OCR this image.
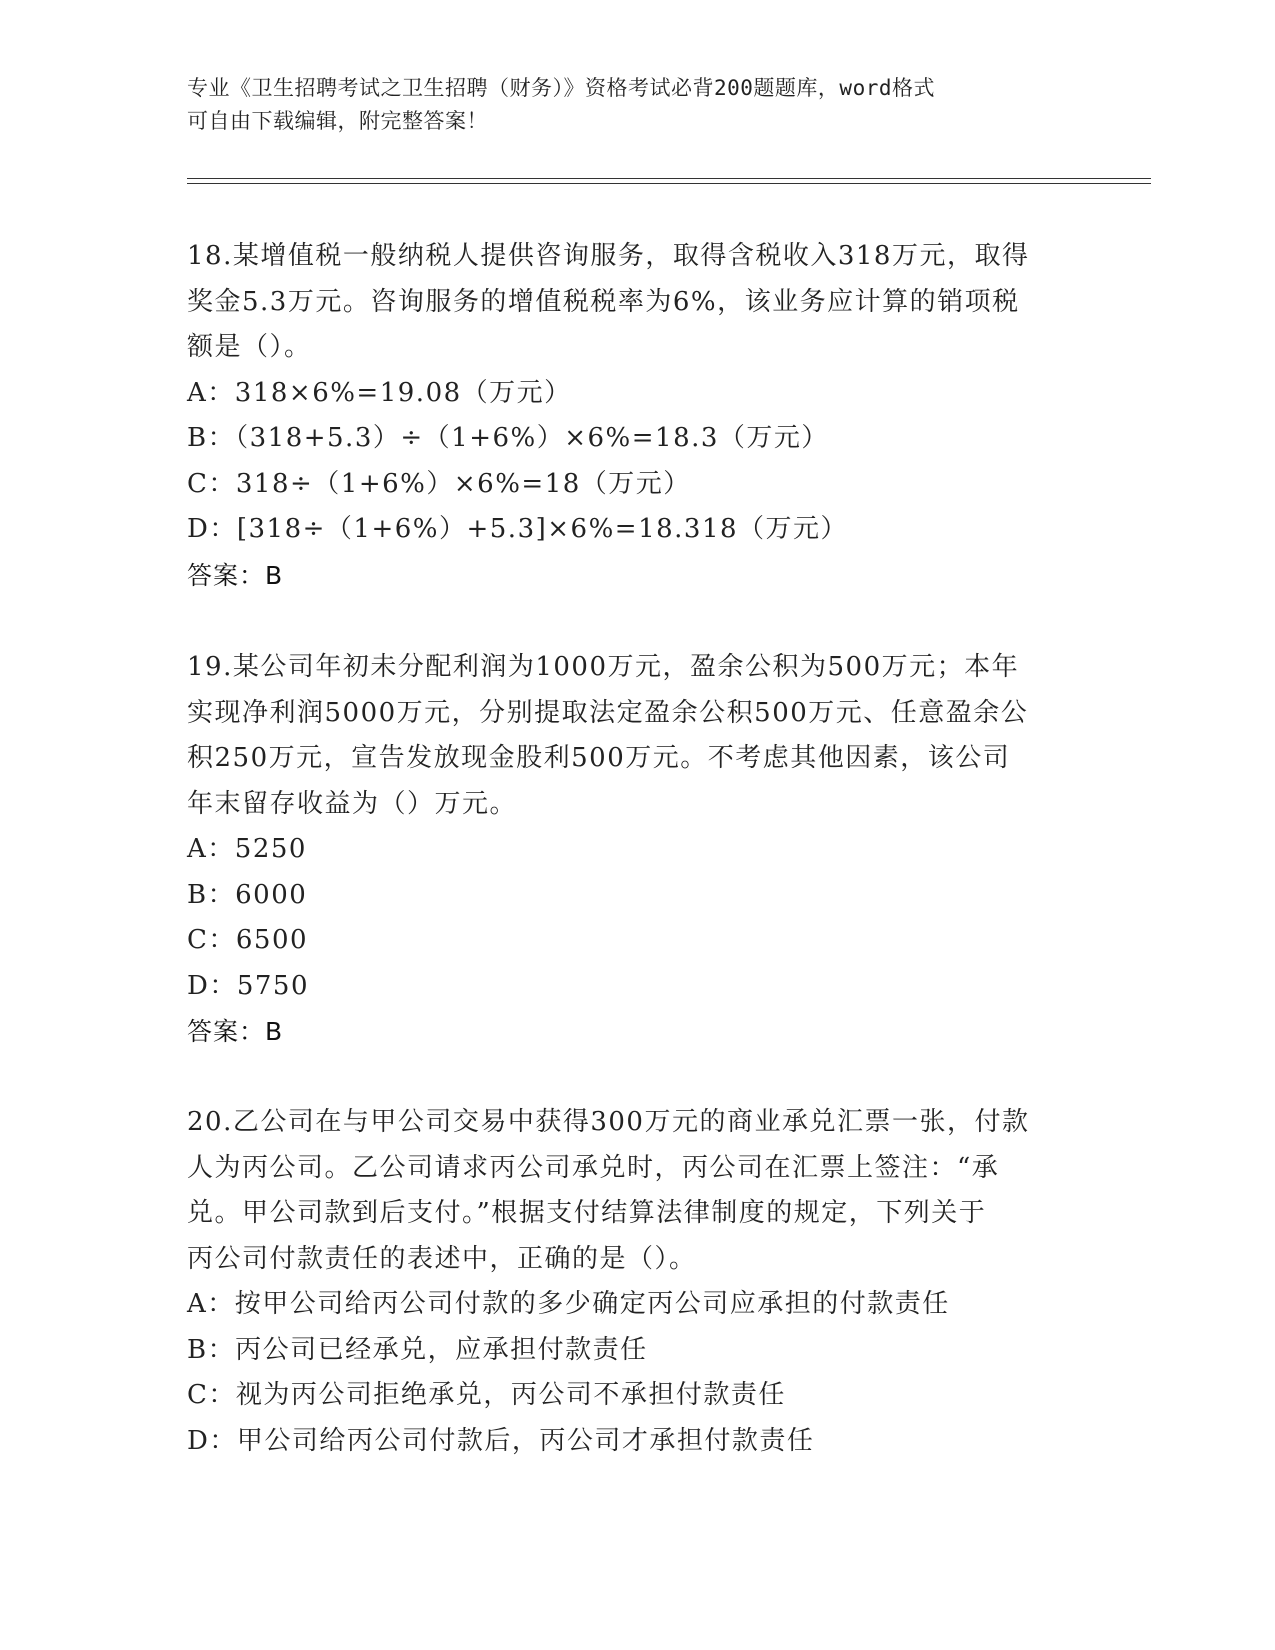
专业《卫生招聘考试之卫生招聘（财务）》资格考试必背200题题库，word格式
可自由下载编辑，附完整答案！
18.某增值税一般纳税人提供咨询服务，取得含税收入318万元，取得
奖金5.3万元。咨询服务的增值税税率为6%，该业务应计算的销项税
额是（）。
A：318×6%=19.08（万元）
B：（318+5.3）÷（1+6%）×6%=18.3（万元）
C：318÷（1+6%）×6%=18（万元）
D：[318÷（1+6%）+5.3]×6%=18.318（万元）
答案：B
19.某公司年初未分配利润为1000万元，盈余公积为500万元；本年
实现净利润5000万元，分别提取法定盈余公积500万元、任意盈余公
积250万元，宣告发放现金股利500万元。不考虑其他因素，该公司
年末留存收益为（）万元。
A：5250
B：6000
C：6500
D：5750
答案：B
20.乙公司在与甲公司交易中获得300万元的商业承兑汇票一张，付款
人为丙公司。乙公司请求丙公司承兑时，丙公司在汇票上签注：“承
兑。甲公司款到后支付。”根据支付结算法律制度的规定，下列关于
丙公司付款责任的表述中，正确的是（）。
A：按甲公司给丙公司付款的多少确定丙公司应承担的付款责任
B：丙公司已经承兑，应承担付款责任
C：视为丙公司拒绝承兑，丙公司不承担付款责任
D：甲公司给丙公司付款后，丙公司才承担付款责任
